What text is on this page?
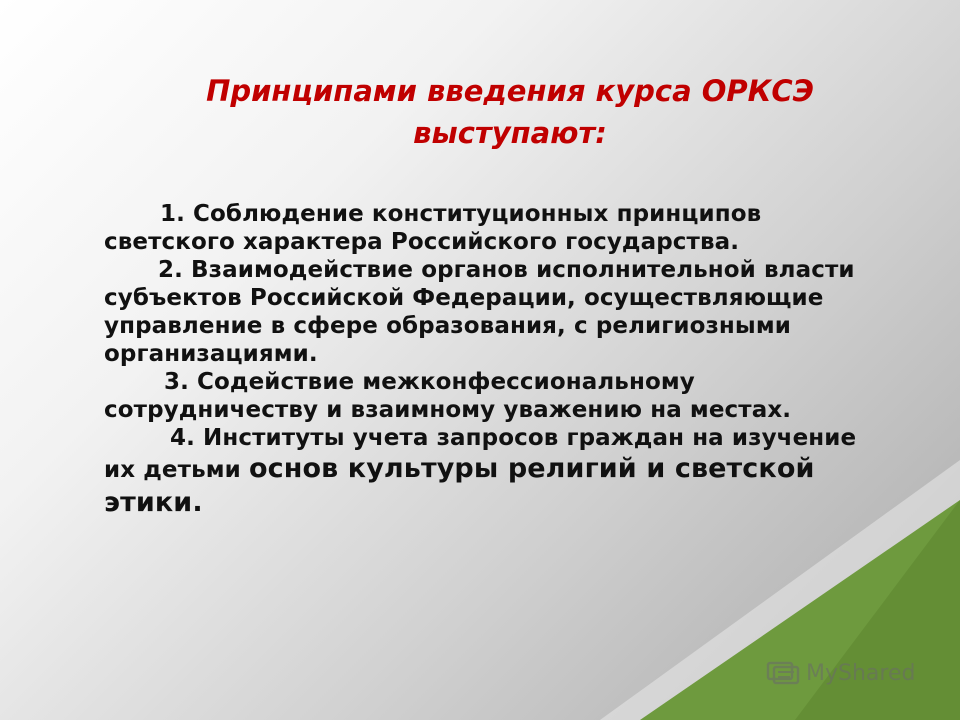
Принципами введения курса ОРКСЭ
выступают:

1. Соблюдение конституционных принципов светского характера Российского государства.

2. Взаимодействие органов исполнительной власти субъектов Российской Федерации, осуществляющие управление в сфере образования, с религиозными организациями.

3. Содействие межконфессиональному сотрудничеству и взаимному уважению на местах.

4. Институты учета запросов граждан на изучение их детьми основ культуры религий и светской этики.

MyShared
